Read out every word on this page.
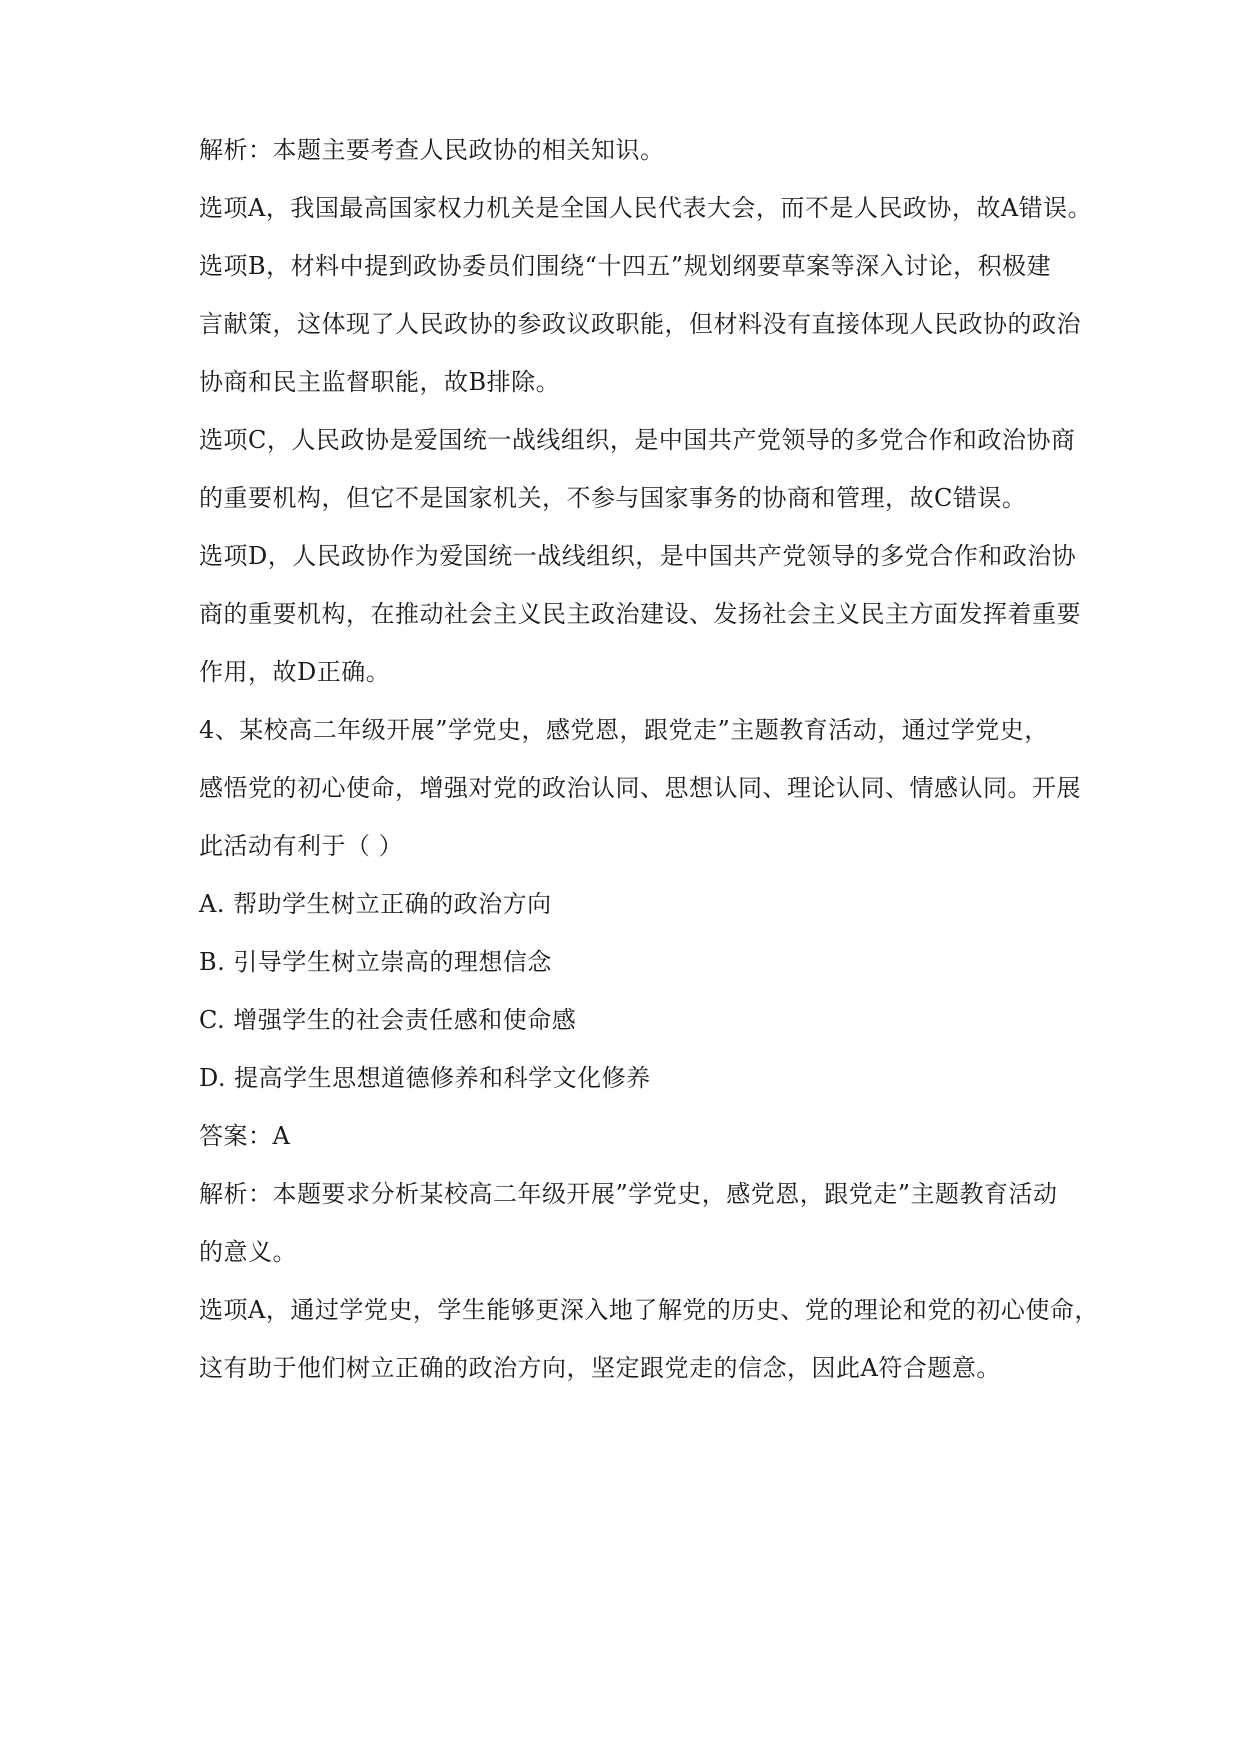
解析：本题主要考查人民政协的相关知识。
选项A，我国最高国家权力机关是全国人民代表大会，而不是人民政协，故A错误。
选项B，材料中提到政协委员们围绕“十四五”规划纲要草案等深入讨论，积极建
言献策，这体现了人民政协的参政议政职能，但材料没有直接体现人民政协的政治
协商和民主监督职能，故B排除。
选项C，人民政协是爱国统一战线组织，是中国共产党领导的多党合作和政治协商
的重要机构，但它不是国家机关，不参与国家事务的协商和管理，故C错误。
选项D，人民政协作为爱国统一战线组织，是中国共产党领导的多党合作和政治协
商的重要机构，在推动社会主义民主政治建设、发扬社会主义民主方面发挥着重要
作用，故D正确。
4、某校高二年级开展”学党史，感党恩，跟党走”主题教育活动，通过学党史，
感悟党的初心使命，增强对党的政治认同、思想认同、理论认同、情感认同。开展
此活动有利于（ ）
A. 帮助学生树立正确的政治方向
B. 引导学生树立崇高的理想信念
C. 增强学生的社会责任感和使命感
D. 提高学生思想道德修养和科学文化修养
答案：A
解析：本题要求分析某校高二年级开展”学党史，感党恩，跟党走”主题教育活动
的意义。
选项A，通过学党史，学生能够更深入地了解党的历史、党的理论和党的初心使命，
这有助于他们树立正确的政治方向，坚定跟党走的信念，因此A符合题意。
